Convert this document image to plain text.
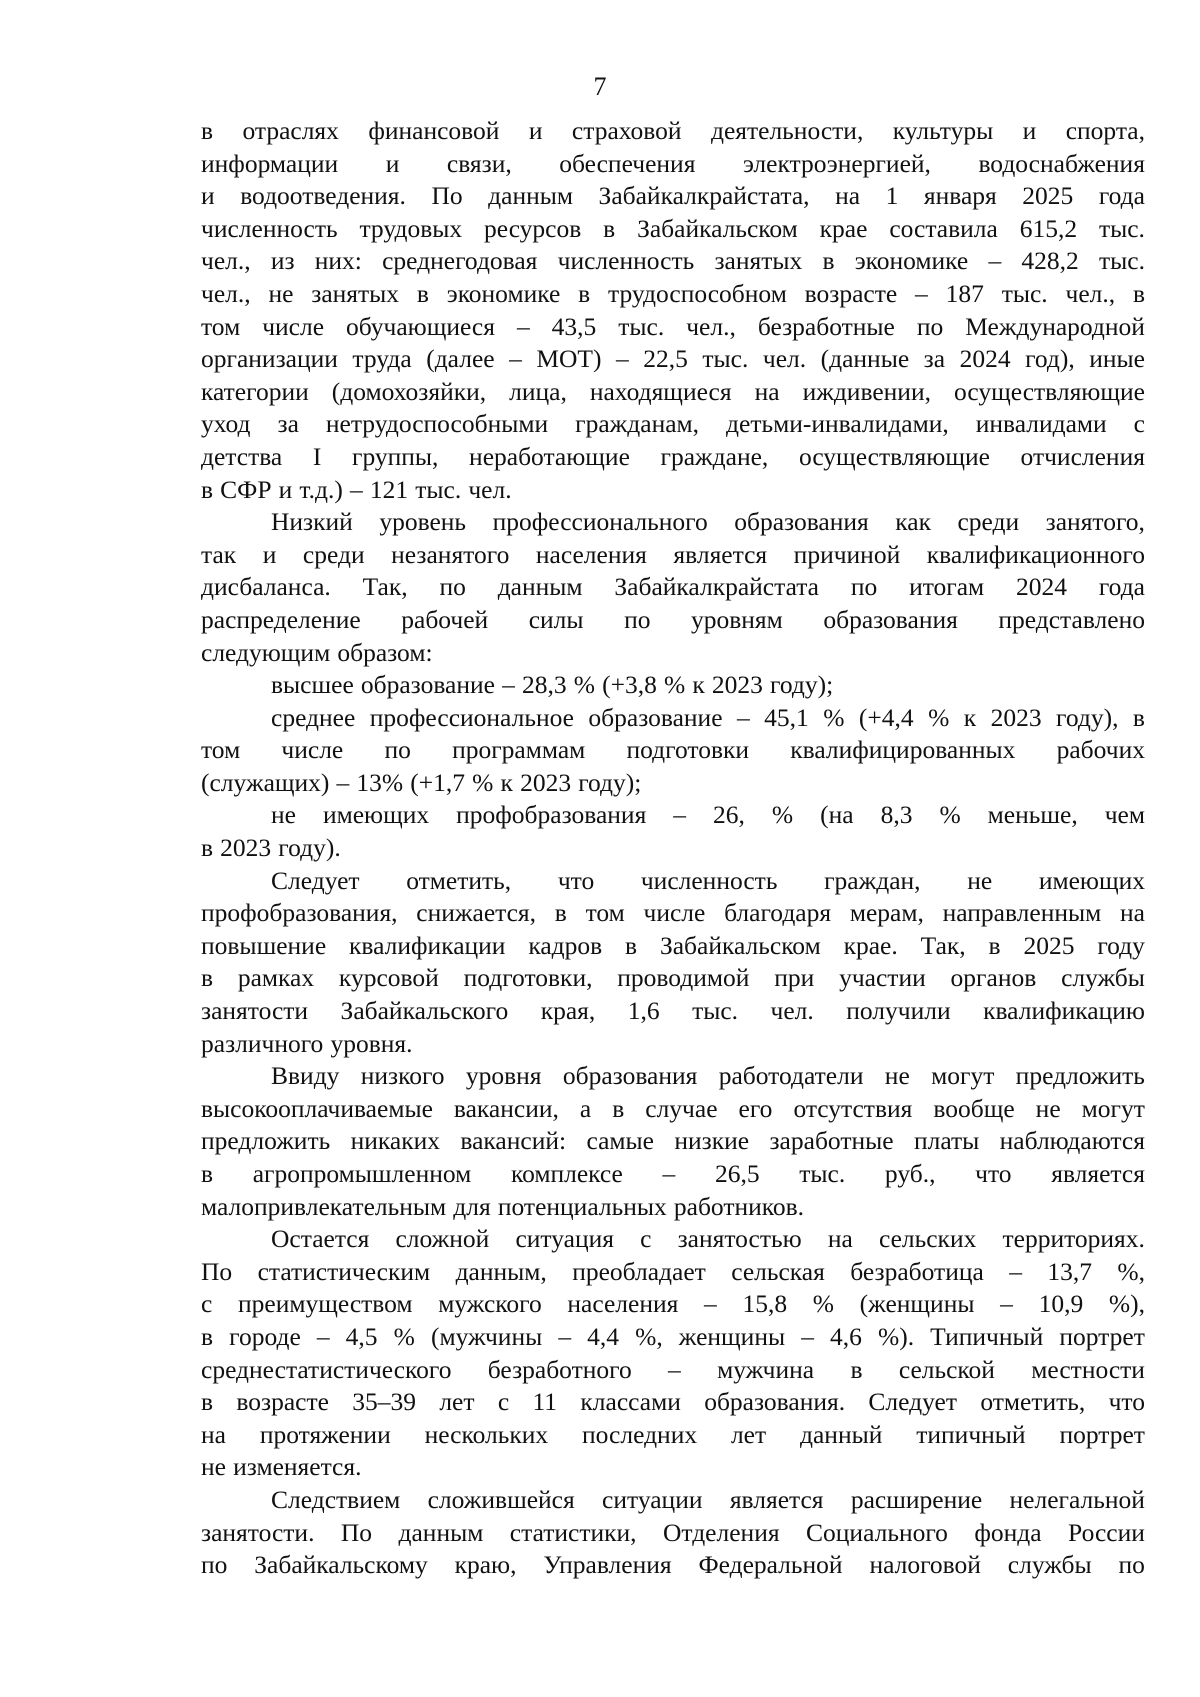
7
в отраслях финансовой и страховой деятельности, культуры и спорта,
информации и связи, обеспечения электроэнергией, водоснабжения
и водоотведения. По данным Забайкалкрайстата, на 1 января 2025 года
численность трудовых ресурсов в Забайкальском крае составила 615,2 тыс.
чел., из них: среднегодовая численность занятых в экономике – 428,2 тыс.
чел., не занятых в экономике в трудоспособном возрасте – 187 тыс. чел., в
том числе обучающиеся – 43,5 тыс. чел., безработные по Международной
организации труда (далее – МОТ) – 22,5 тыс. чел. (данные за 2024 год), иные
категории (домохозяйки, лица, находящиеся на иждивении, осуществляющие
уход за нетрудоспособными гражданам, детьми-инвалидами, инвалидами с
детства I группы, неработающие граждане, осуществляющие отчисления
в СФР и т.д.) – 121 тыс. чел.
Низкий уровень профессионального образования как среди занятого,
так и среди незанятого населения является причиной квалификационного
дисбаланса. Так, по данным Забайкалкрайстата по итогам 2024 года
распределение рабочей силы по уровням образования представлено
следующим образом:
высшее образование – 28,3 % (+3,8 % к 2023 году);
среднее профессиональное образование – 45,1 % (+4,4 % к 2023 году), в
том числе по программам подготовки квалифицированных рабочих
(служащих) – 13% (+1,7 % к 2023 году);
не имеющих профобразования – 26, % (на 8,3 % меньше, чем
в 2023 году).
Следует отметить, что численность граждан, не имеющих
профобразования, снижается, в том числе благодаря мерам, направленным на
повышение квалификации кадров в Забайкальском крае. Так, в 2025 году
в рамках курсовой подготовки, проводимой при участии органов службы
занятости Забайкальского края, 1,6 тыс. чел. получили квалификацию
различного уровня.
Ввиду низкого уровня образования работодатели не могут предложить
высокооплачиваемые вакансии, а в случае его отсутствия вообще не могут
предложить никаких вакансий: самые низкие заработные платы наблюдаются
в агропромышленном комплексе – 26,5 тыс. руб., что является
малопривлекательным для потенциальных работников.
Остается сложной ситуация с занятостью на сельских территориях.
По статистическим данным, преобладает сельская безработица – 13,7 %,
с преимуществом мужского населения – 15,8 % (женщины – 10,9 %),
в городе – 4,5 % (мужчины – 4,4 %, женщины – 4,6 %). Типичный портрет
среднестатистического безработного – мужчина в сельской местности
в возрасте 35–39 лет с 11 классами образования. Следует отметить, что
на протяжении нескольких последних лет данный типичный портрет
не изменяется.
Следствием сложившейся ситуации является расширение нелегальной
занятости. По данным статистики, Отделения Социального фонда России
по Забайкальскому краю, Управления Федеральной налоговой службы по
